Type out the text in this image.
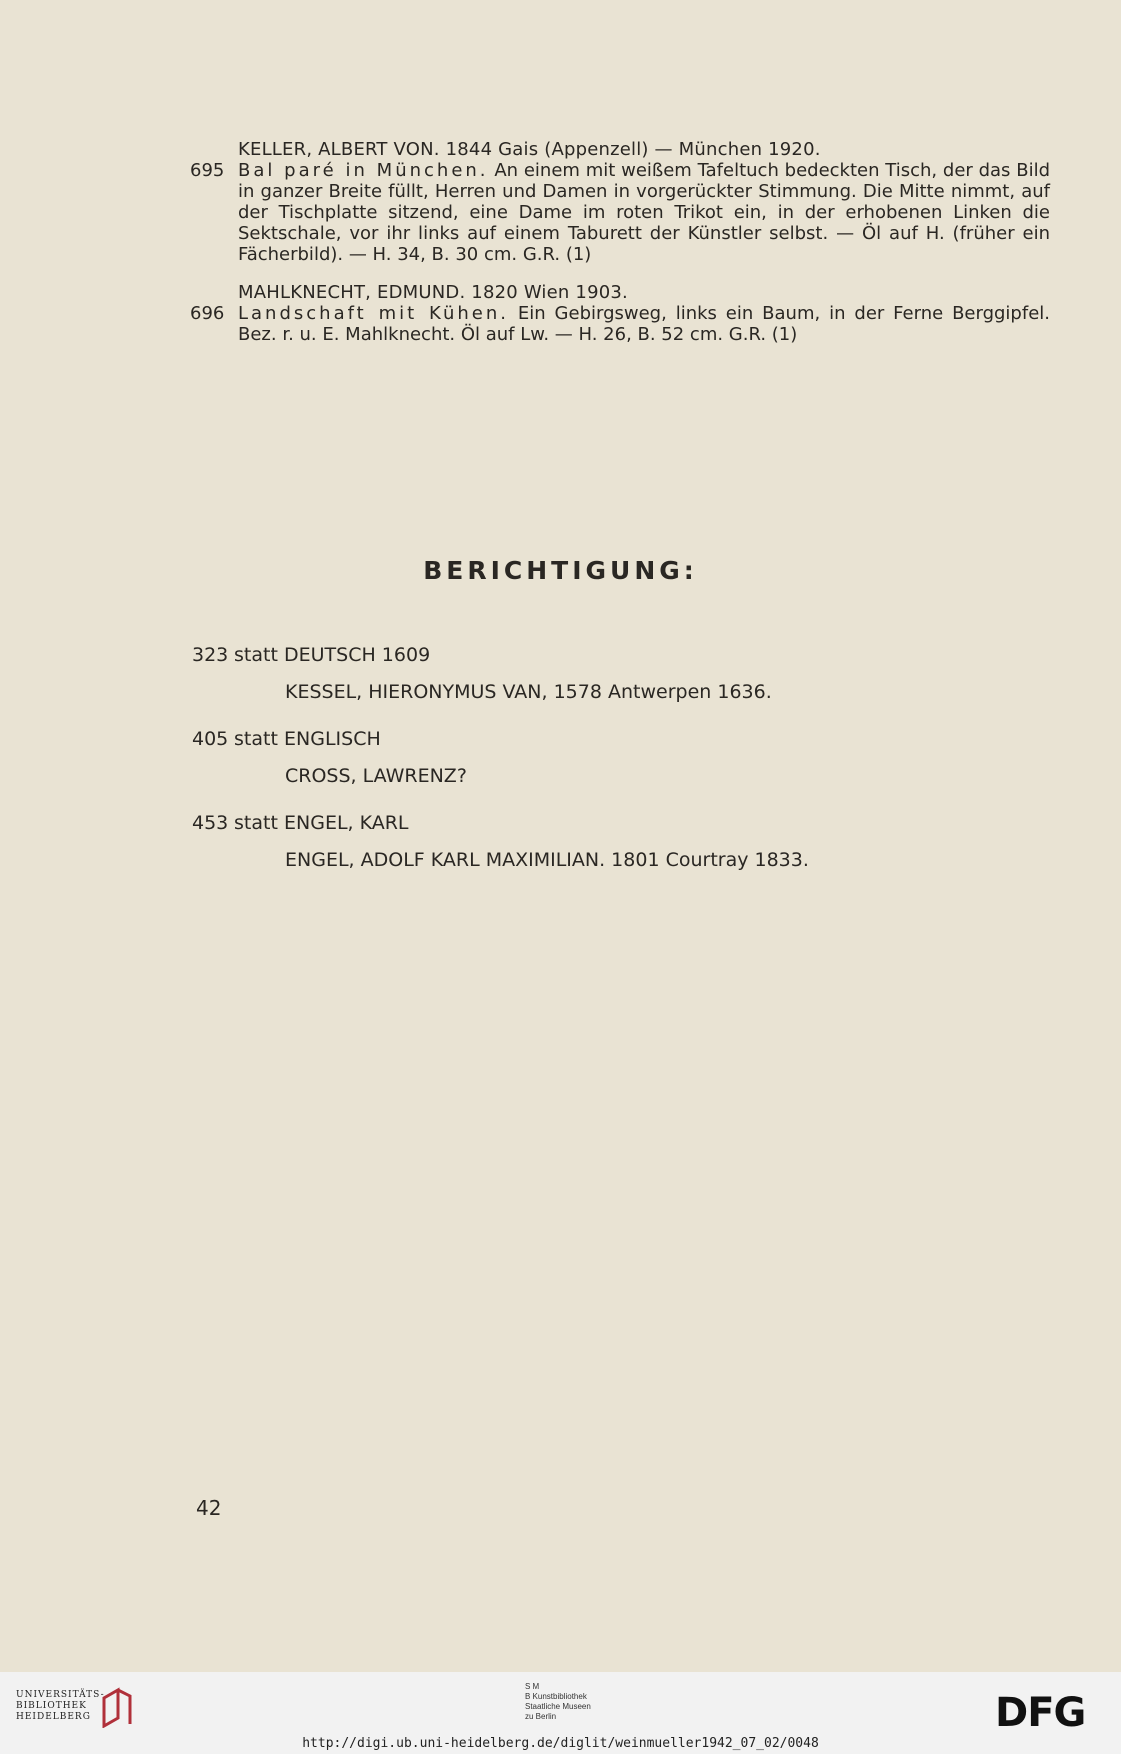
KELLER, ALBERT VON. 1844 Gais (Appenzell) — München 1920.
695 Bal paré in München. An einem mit weißem Tafeltuch bedeckten Tisch, der das Bild in ganzer Breite füllt, Herren und Damen in vorgerückter Stimmung. Die Mitte nimmt, auf der Tischplatte sitzend, eine Dame im roten Trikot ein, in der erhobenen Linken die Sektschale, vor ihr links auf einem Taburett der Künstler selbst. — Öl auf H. (früher ein Fächerbild). — H. 34, B. 30 cm. G.R. (1)
MAHLKNECHT, EDMUND. 1820 Wien 1903.
696 Landschaft mit Kühen. Ein Gebirgsweg, links ein Baum, in der Ferne Berggipfel. Bez. r. u. E. Mahlknecht. Öl auf Lw. — H. 26, B. 52 cm. G.R. (1)
BERICHTIGUNG:
323 statt DEUTSCH 1609
KESSEL, HIERONYMUS VAN, 1578 Antwerpen 1636.
405 statt ENGLISCH
CROSS, LAWRENZ?
453 statt ENGEL, KARL
ENGEL, ADOLF KARL MAXIMILIAN. 1801 Courtray 1833.
42
UNIVERSITÄTS-
BIBLIOTHEK
HEIDELBERG
S M
B Kunstbibliothek
Staatliche Museen
zu Berlin	DFG
http://digi.ub.uni-heidelberg.de/diglit/weinmueller1942_07_02/0048
